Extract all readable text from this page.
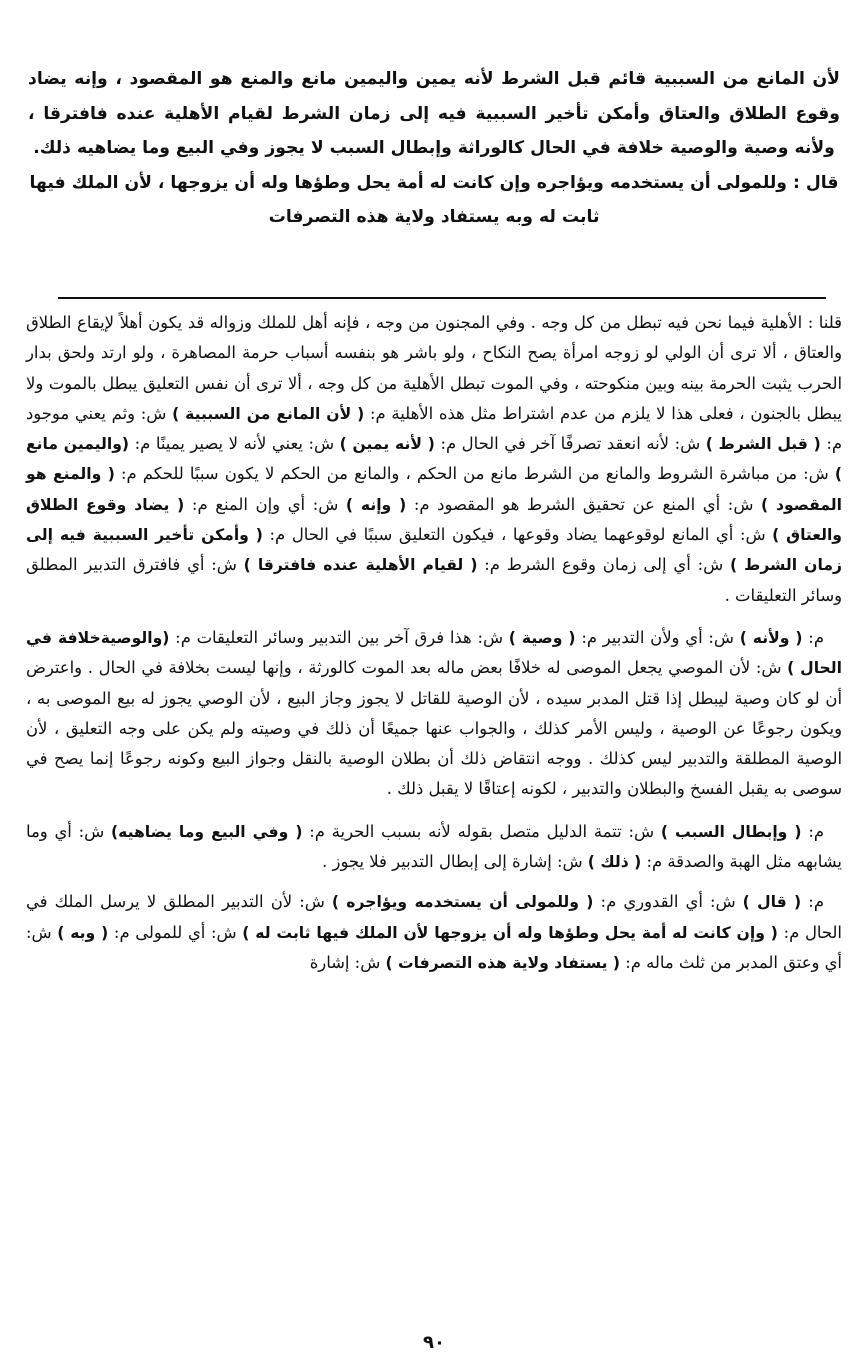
لأن المانع من السببية قائم قبل الشرط لأنه يمين واليمين مانع والمنع هو المقصود ، وإنه يضاد وقوع الطلاق والعتاق وأمكن تأخير السببية فيه إلى زمان الشرط لقيام الأهلية عنده فافترقا ، ولأنه وصية والوصية خلافة في الحال كالوراثة وإبطال السبب لا يجوز وفي البيع وما يضاهيه ذلك.

قال : وللمولى أن يستخدمه ويؤاجره وإن كانت له أمة يحل وطؤها وله أن يزوجها ، لأن الملك فيها ثابت له وبه يستفاد ولاية هذه التصرفات

قلنا : الأهلية فيما نحن فيه تبطل من كل وجه . وفي المجنون من وجه ، فإنه أهل للملك وزواله قد يكون أهلاً لإيقاع الطلاق والعتاق ، ألا ترى أن الولي لو زوجه امرأة يصح النكاح ، ولو باشر هو بنفسه أسباب حرمة المصاهرة ، ولو ارتد ولحق بدار الحرب يثبت الحرمة بينه وبين منكوحته ، وفي الموت تبطل الأهلية من كل وجه ، ألا ترى أن نفس التعليق يبطل بالموت ولا يبطل بالجنون ، فعلى هذا لا يلزم من عدم اشتراط مثل هذه الأهلية م: ( لأن المانع من السببية ) ش: وثم يعني موجود م: ( قبل الشرط ) ش: لأنه انعقد تصرفًا آخر في الحال م: ( لأنه يمين ) ش: يعني لأنه لا يصير يمينًا م: (واليمين مانع ) ش: من مباشرة الشروط والمانع من الشرط مانع من الحكم ، والمانع من الحكم لا يكون سببًا للحكم م: ( والمنع هو المقصود ) ش: أي المنع عن تحقيق الشرط هو المقصود م: ( وإنه ) ش: أي وإن المنع م: ( يضاد وقوع الطلاق والعتاق ) ش: أي المانع لوقوعهما يضاد وقوعها ، فيكون التعليق سببًا في الحال م: ( وأمكن تأخير السببية فيه إلى زمان الشرط ) ش: أي إلى زمان وقوع الشرط م: ( لقيام الأهلية عنده فافترقا ) ش: أي فافترق التدبير المطلق وسائر التعليقات .

م: ( ولأنه ) ش: أي ولأن التدبير م: ( وصية ) ش: هذا فرق آخر بين التدبير وسائر التعليقات م: (والوصيةخلافة في الحال ) ش: لأن الموصي يجعل الموصى له خلافًا بعض ماله بعد الموت كالورثة ، وإنها ليست بخلافة في الحال . واعترض أن لو كان وصية ليبطل إذا قتل المدبر سيده ، لأن الوصية للقاتل لا يجوز وجاز البيع ، لأن الوصي يجوز له بيع الموصى به ، ويكون رجوعًا عن الوصية ، وليس الأمر كذلك ، والجواب عنها جميعًا أن ذلك في وصيته ولم يكن على وجه التعليق ، لأن الوصية المطلقة والتدبير ليس كذلك . ووجه انتقاض ذلك أن بطلان الوصية بالنقل وجواز البيع وكونه رجوعًا إنما يصح في سوصى به يقبل الفسخ والبطلان والتدبير ، لكونه إعتاقًا لا يقبل ذلك .

م: ( وإبطال السبب ) ش: تتمة الدليل متصل بقوله لأنه بسبب الحرية م: ( وفي البيع وما يضاهيه) ش: أي وما يشابهه مثل الهبة والصدقة م: ( ذلك ) ش: إشارة إلى إبطال التدبير فلا يجوز .

م: ( قال ) ش: أي القدوري م: ( وللمولى أن يستخدمه ويؤاجره ) ش: لأن التدبير المطلق لا يرسل الملك في الحال م: ( وإن كانت له أمة يحل وطؤها وله أن يزوجها لأن الملك فيها ثابت له ) ش: أي للمولى م: ( وبه ) ش: أي وعتق المدبر من ثلث ماله م: ( يستفاد ولاية هذه التصرفات ) ش: إشارة

٩٠
